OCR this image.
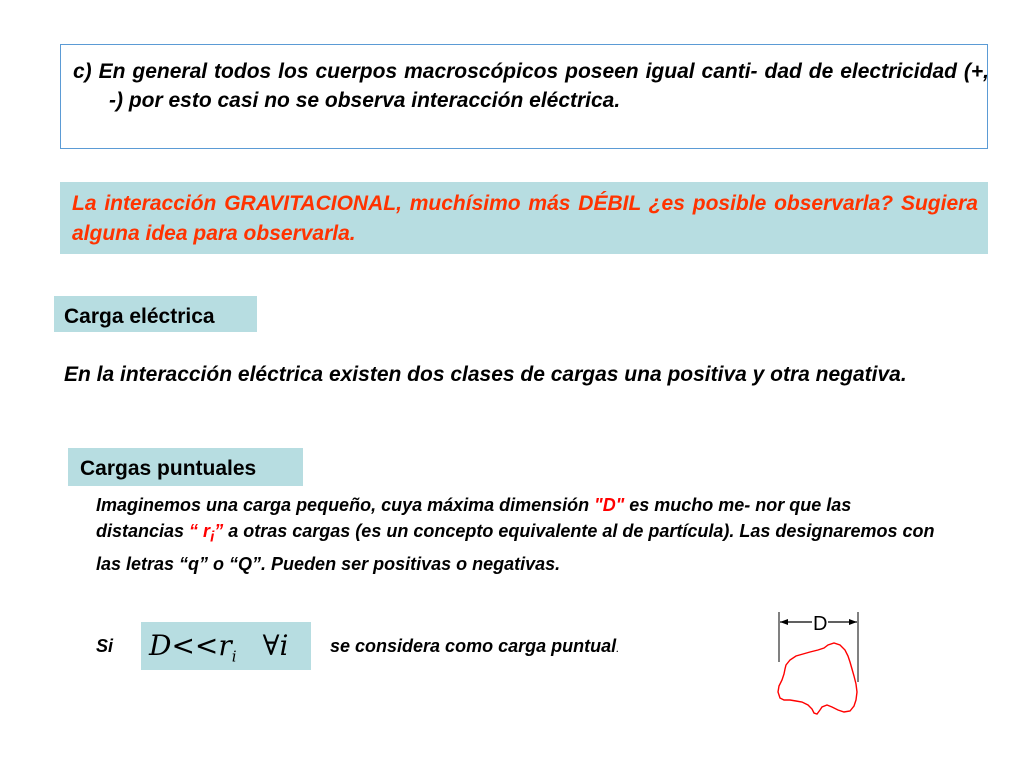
c) En general todos los cuerpos macroscópicos poseen igual canti- dad de electricidad (+, -) por esto casi no se observa interacción eléctrica.

La interacción GRAVITACIONAL, muchísimo más DÉBIL ¿es posible observarla? Sugiera alguna idea para observarla.

Carga eléctrica

En la interacción eléctrica existen dos clases de cargas una positiva y otra negativa.

Cargas puntuales

Imaginemos una carga pequeño, cuya máxima dimensión "D" es mucho me- nor que las distancias “ $r_i$” a otras cargas (es un concepto equivalente al de partícula). Las designaremos con las letras “q” o “Q”. Pueden ser positivas o negativas.

Si $D<<r_i$ ∀i	se considera como carga puntual.
D
